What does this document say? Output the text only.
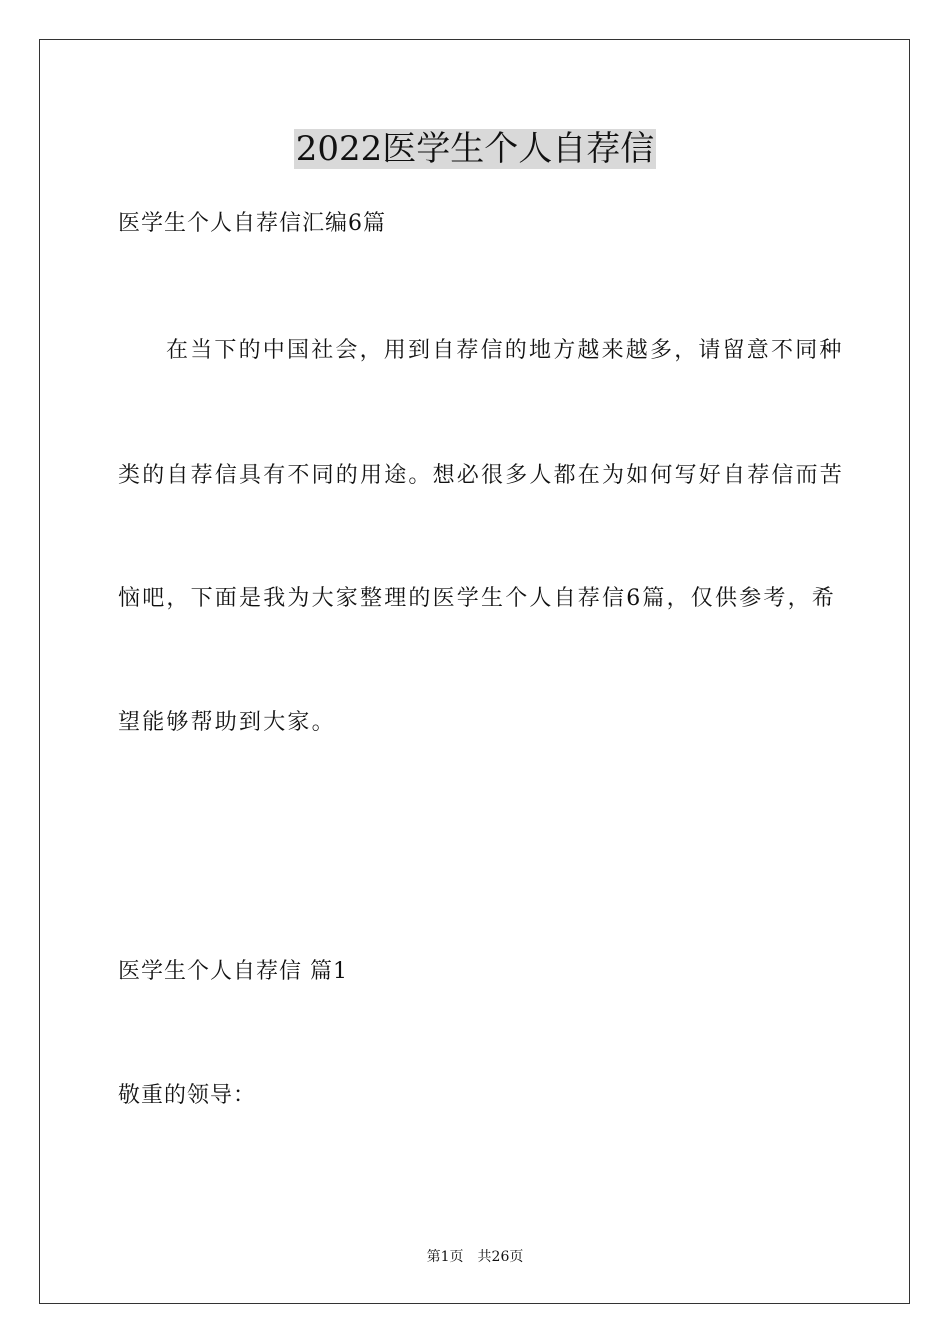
2022医学生个人自荐信
医学生个人自荐信汇编6篇
在当下的中国社会，用到自荐信的地方越来越多，请留意不同种
类的自荐信具有不同的用途。想必很多人都在为如何写好自荐信而苦
恼吧，下面是我为大家整理的医学生个人自荐信6篇，仅供参考，希
望能够帮助到大家。
医学生个人自荐信 篇1
敬重的领导：
第1页 共26页
